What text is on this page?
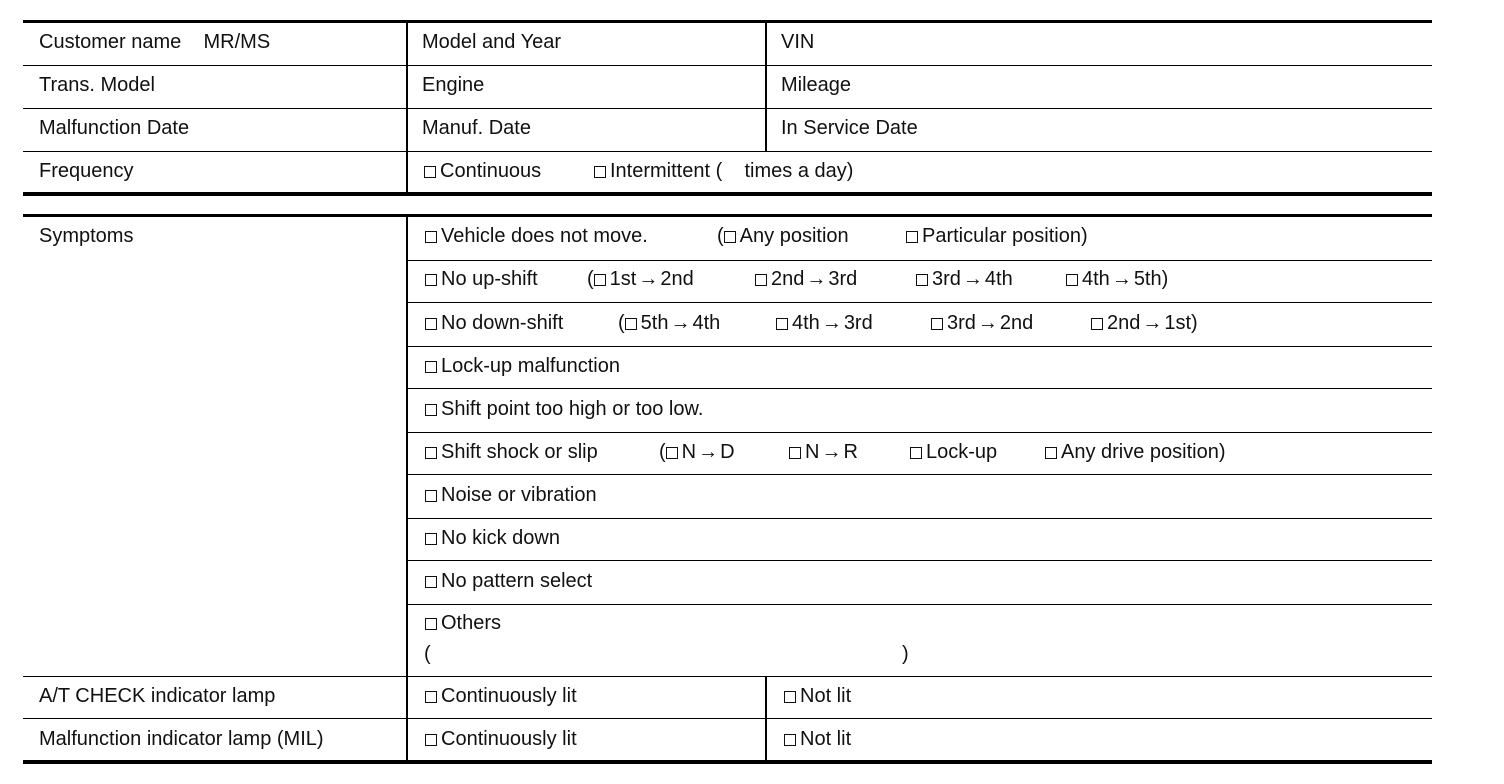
Customer name    MR/MS	Model and Year	VIN
Trans. Model	Engine	Mileage
Malfunction Date	Manuf. Date	In Service Date
Frequency	Continuous	Intermittent (    times a day)
Symptoms	Vehicle does not move.	( Any position	Particular position)
No up-shift ( 1st → 2nd	2nd → 3rd	3rd → 4th	4th → 5th)
No down-shift	( 5th → 4th	4th → 3rd	3rd → 2nd	2nd → 1st)
Lock-up malfunction
Shift point too high or too low.
Shift shock or slip	( N → D	N → R	Lock-up	Any drive position)
Noise or vibration
No kick down
No pattern select
Others
(	)
A/T CHECK indicator lamp	Continuously lit	Not lit
Malfunction indicator lamp (MIL)	Continuously lit	Not lit
